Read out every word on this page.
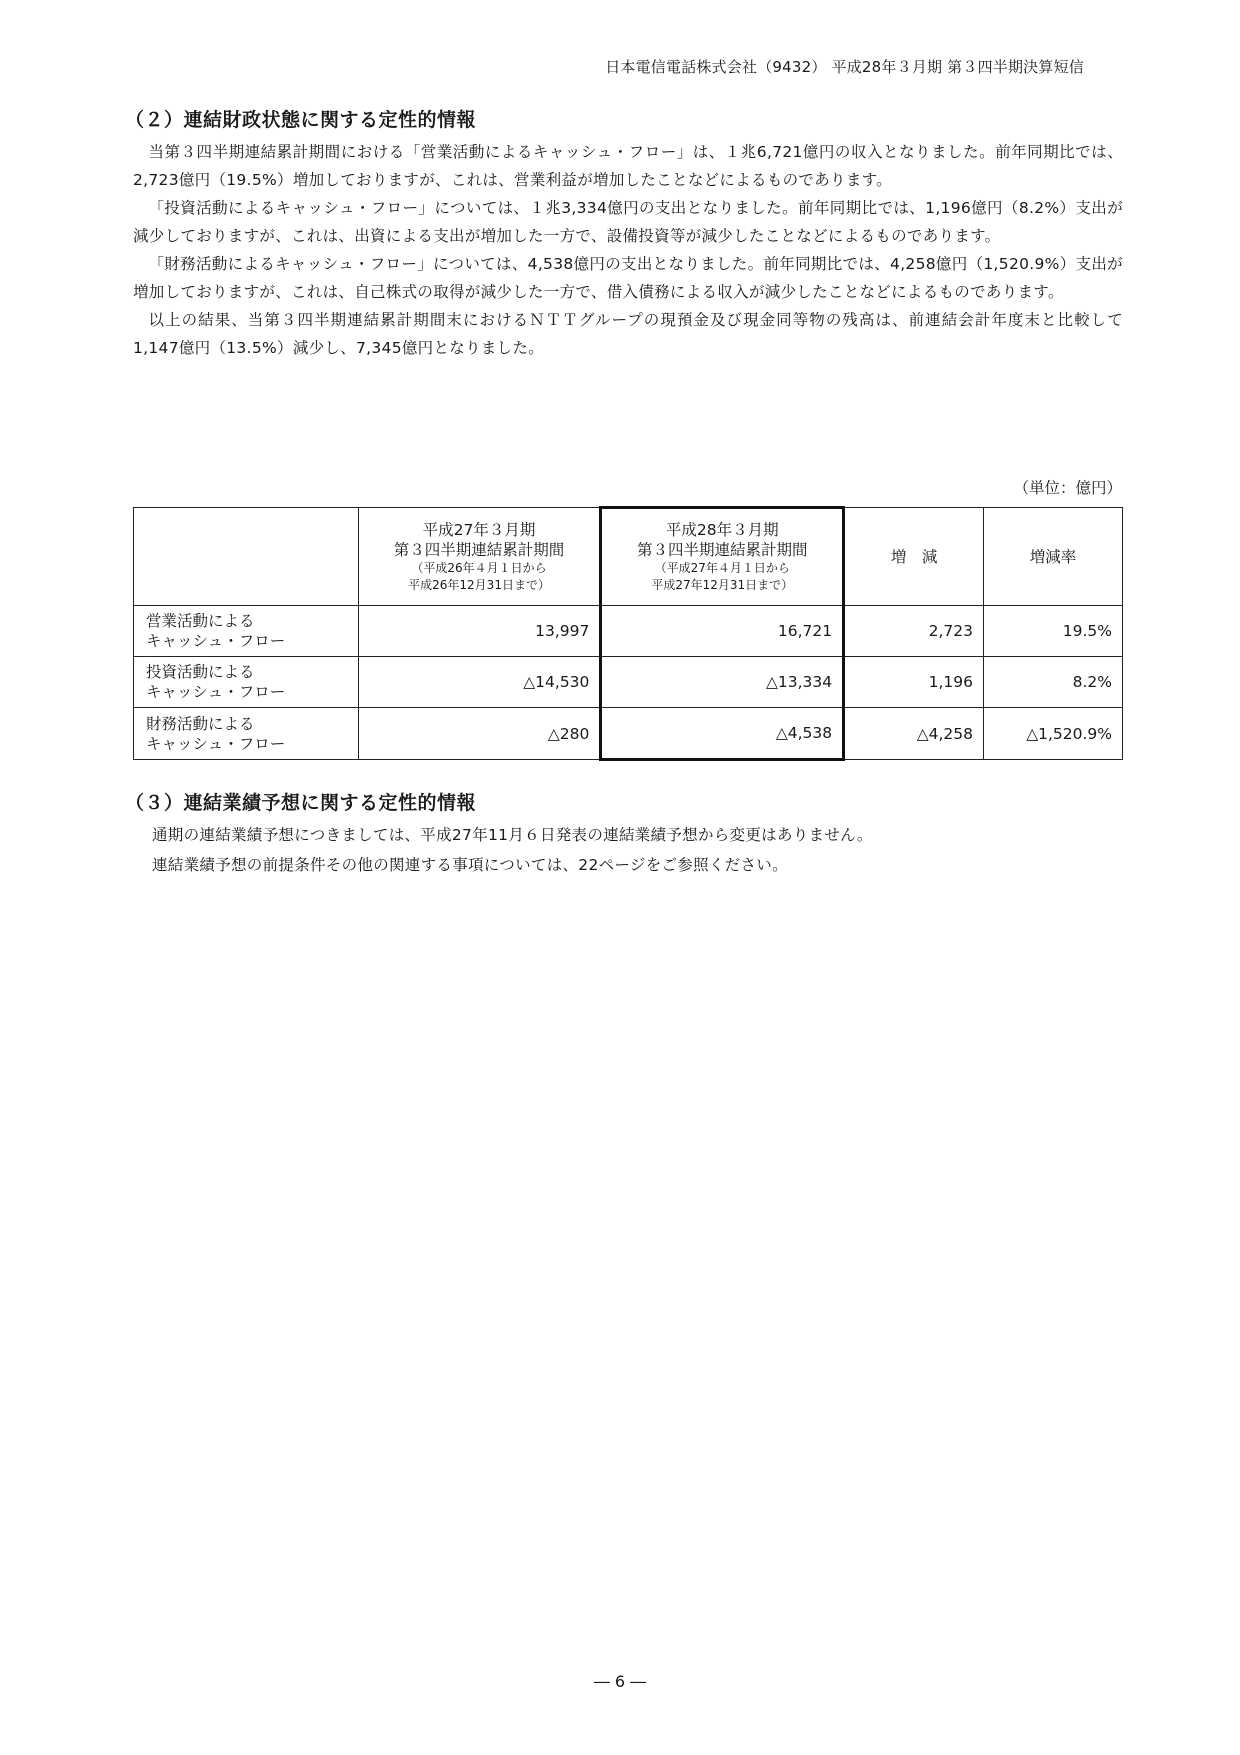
日本電信電話株式会社（9432） 平成28年３月期 第３四半期決算短信
（２）連結財政状態に関する定性的情報

当第３四半期連結累計期間における「営業活動によるキャッシュ・フロー」は、１兆6,721億円の収入となりました。前年同期比では、2,723億円（19.5%）増加しておりますが、これは、営業利益が増加したことなどによるものであります。

「投資活動によるキャッシュ・フロー」については、１兆3,334億円の支出となりました。前年同期比では、1,196億円（8.2%）支出が減少しておりますが、これは、出資による支出が増加した一方で、設備投資等が減少したことなどによるものであります。

「財務活動によるキャッシュ・フロー」については、4,538億円の支出となりました。前年同期比では、4,258億円（1,520.9%）支出が増加しておりますが、これは、自己株式の取得が減少した一方で、借入債務による収入が減少したことなどによるものであります。

以上の結果、当第３四半期連結累計期間末におけるＮＴＴグループの現預金及び現金同等物の残高は、前連結会計年度末と比較して1,147億円（13.5%）減少し、7,345億円となりました。

（単位：億円）
	平成27年３月期
第３四半期連結累計期間
（平成26年４月１日から
平成26年12月31日まで）	平成28年３月期
第３四半期連結累計期間
（平成27年４月１日から
平成27年12月31日まで）	増　減	増減率
営業活動による
キャッシュ・フロー	13,997	16,721	2,723	19.5%
投資活動による
キャッシュ・フロー	△14,530	△13,334	1,196	8.2%
財務活動による
キャッシュ・フロー	△280	△4,538	△4,258	△1,520.9%
（３）連結業績予想に関する定性的情報

通期の連結業績予想につきましては、平成27年11月６日発表の連結業績予想から変更はありません。

連結業績予想の前提条件その他の関連する事項については、22ページをご参照ください。

― 6 ―
